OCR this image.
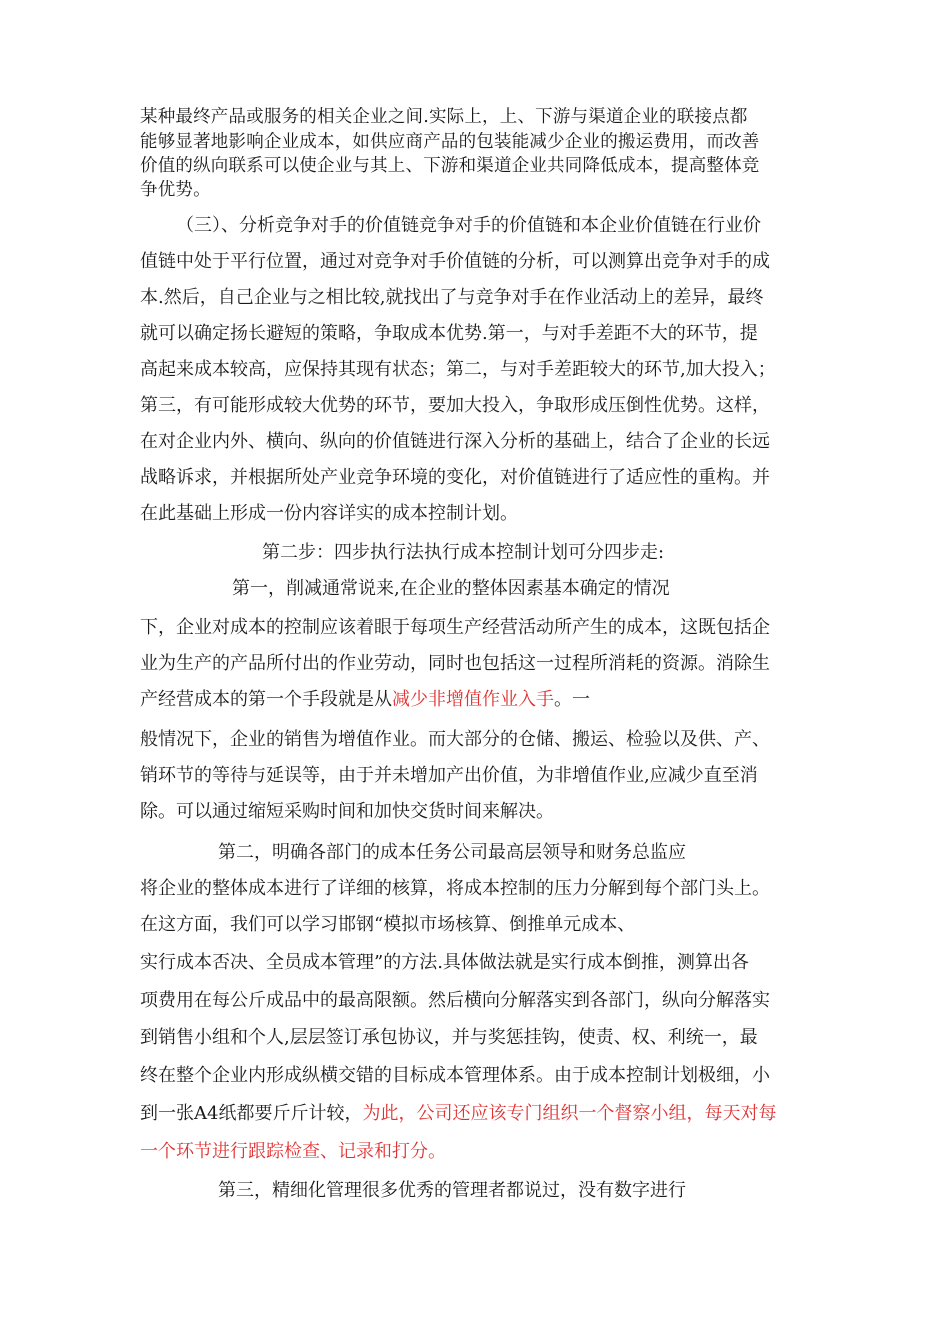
某种最终产品或服务的相关企业之间.实际上，上、下游与渠道企业的联接点都
能够显著地影响企业成本，如供应商产品的包装能减少企业的搬运费用，而改善
价值的纵向联系可以使企业与其上、下游和渠道企业共同降低成本，提高整体竞
争优势。
（三）、分析竞争对手的价值链竞争对手的价值链和本企业价值链在行业价
值链中处于平行位置，通过对竞争对手价值链的分析，可以测算出竞争对手的成
本.然后，自己企业与之相比较,就找出了与竞争对手在作业活动上的差异，最终
就可以确定扬长避短的策略，争取成本优势.第一，与对手差距不大的环节，提
高起来成本较高，应保持其现有状态；第二，与对手差距较大的环节,加大投入；
第三，有可能形成较大优势的环节，要加大投入，争取形成压倒性优势。这样，
在对企业内外、横向、纵向的价值链进行深入分析的基础上，结合了企业的长远
战略诉求，并根据所处产业竞争环境的变化，对价值链进行了适应性的重构。并
在此基础上形成一份内容详实的成本控制计划。
第二步：四步执行法执行成本控制计划可分四步走:
第一，削减通常说来,在企业的整体因素基本确定的情况
下，企业对成本的控制应该着眼于每项生产经营活动所产生的成本，这既包括企
业为生产的产品所付出的作业劳动，同时也包括这一过程所消耗的资源。消除生
产经营成本的第一个手段就是从减少非增值作业入手。一
般情况下，企业的销售为增值作业。而大部分的仓储、搬运、检验以及供、产、
销环节的等待与延误等，由于并未增加产出价值，为非增值作业,应减少直至消
除。可以通过缩短采购时间和加快交货时间来解决。
第二，明确各部门的成本任务公司最高层领导和财务总监应
将企业的整体成本进行了详细的核算，将成本控制的压力分解到每个部门头上。
在这方面，我们可以学习邯钢“模拟市场核算、倒推单元成本、
实行成本否决、全员成本管理”的方法.具体做法就是实行成本倒推，测算出各
项费用在每公斤成品中的最高限额。然后横向分解落实到各部门，纵向分解落实
到销售小组和个人,层层签订承包协议，并与奖惩挂钩，使责、权、利统一，最
终在整个企业内形成纵横交错的目标成本管理体系。由于成本控制计划极细，小
到一张A4纸都要斤斤计较，为此，公司还应该专门组织一个督察小组，每天对每
一个环节进行跟踪检查、记录和打分。
第三，精细化管理很多优秀的管理者都说过，没有数字进行
